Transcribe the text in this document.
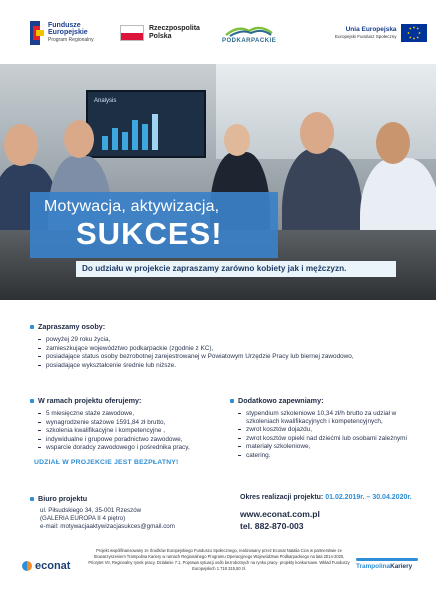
Fundusze
Europejskie
Program Regionalny
Rzeczpospolita
Polska
PODKARPACKIE
Unia Europejska
Europejski Fundusz Społeczny
Analysis
Motywacja, aktywizacja,
SUKCES!
Do udziału w projekcie zapraszamy zarówno kobiety jak i mężczyzn.
Zapraszamy osoby:
powyżej 29 roku życia,
zamieszkujące województwo podkarpackie (zgodnie z KC),
posiadające status osoby bezrobotnej zarejestrowanej w Powiatowym Urzędzie Pracy lub biernej zawodowo,
posiadające wykształcenie średnie lub niższe.
W ramach projektu oferujemy:
5 miesięczne staże zawodowe,
wynagrodzenie stażowe 1591,84 zł brutto,
szkolenia kwalifikacyjne i kompetencyjne ,
indywidualne i grupowe poradnictwo zawodowe,
wsparcie doradcy zawodowego i pośrednika pracy,
UDZIAŁ W PROJEKCIE JEST BEZPŁATNY!
Dodatkowo zapewniamy:
stypendium szkoleniowe 10,34 zł/h brutto za udział w szkoleniach kwalifikacyjnych i kompetencyjnych,
zwrot kosztów dojazdu,
zwrot kosztów opieki nad dziećmi lub osobami zależnymi
materiały szkoleniowe,
catering.
Biuro projektu
ul. Piłsudskiego 34, 35-001 Rzeszów
(GALERIA EUROPA II 4 piętro)
e-mail: motywacjaaktywizacjasukces@gmail.com
Okres realizacji projektu: 01.02.2019r. – 30.04.2020r.
www.econat.com.pl
tel. 882-870-003
econat
Projekt współfinansowany ze Środków Europejskiego Funduszu Społecznego, realizowany przez Econat Natalia Cios w partnerstwie ze Stowarzyszeniem Trampolina Kariery w ramach Regionalnego Programu Operacyjnego Województwa Podkarpackiego na lata 2014-2020, Priorytet VII, Regionalny rynek pracy, Działanie 7.1, Poprawa sytuacji osób bezrobotnych na rynku pracy- projekty konkursowe. Wkład Funduszy Europejskich 1 718 315,50 zł.	TrampolinaKariery
